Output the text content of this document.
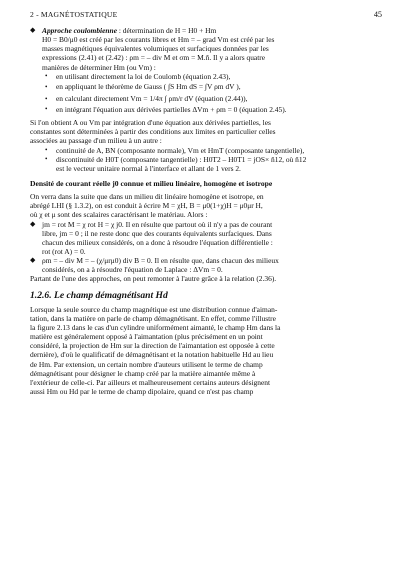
2 - MAGNÉTOSTATIQUE	45
◆ Approche coulombienne : détermination de H = H0 + Hm
H0 = B0/μ0 est créé par les courants libres et Hm = – grad Vm est créé par les
masses magnétiques équivalentes volumiques et surfaciques données par les
expressions (2.41) et (2.42) : ρm = – div M et σm = M.n̂. Il y a alors quatre
manières de déterminer Hm (ou Vm) :
• en utilisant directement la loi de Coulomb (équation 2.43),
• en appliquant le théorème de Gauss ( ∫S Hm dS = ∫V ρm dV ),
• en calculant directement Vm = 1/4π ∫ ρm/r dV (équation (2.44)),
• en intégrant l'équation aux dérivées partielles ΔVm + ρm = 0 (équation 2.45).
Si l'on obtient A ou Vm par intégration d'une équation aux dérivées partielles, les
constantes sont déterminées à partir des conditions aux limites en particulier celles
associées au passage d'un milieu à un autre :
• continuité de A, BN (composante normale), Vm et HmT (composante tangentielle),
• discontinuité de H0T (composante tangentielle) : H0T2 – H0T1 = jOS× n̂12, où n̂12
est le vecteur unitaire normal à l'interface et allant de 1 vers 2.
Densité de courant réelle j0 connue et milieu linéaire, homogène et isotrope
On verra dans la suite que dans un milieu dit linéaire homogène et isotrope, en
abrégé LHI (§ 1.3.2), on est conduit à écrire M = χH, B = μ0(1+χ)H = μ0μr H,
où χ et μ sont des scalaires caractérisant le matériau. Alors :
◆ jm = rot M = χ rot H = χ j0. Il en résulte que partout où il n'y a pas de courant
libre, jm = 0 ; il ne reste donc que des courants équivalents surfaciques. Dans
chacun des milieux considérés, on a donc à résoudre l'équation différentielle :
rot (rot A) = 0.
◆ ρm = – div M = – (χ/μrμ0) div B = 0. Il en résulte que, dans chacun des milieux
considérés, on a à résoudre l'équation de Laplace : ΔVm = 0.
Partant de l'une des approches, on peut remonter à l'autre grâce à la relation (2.36).
1.2.6. Le champ démagnétisant Hd
Lorsque la seule source du champ magnétique est une distribution connue d'aiman-
tation, dans la matière on parle de champ démagnétisant. En effet, comme l'illustre
la figure 2.13 dans le cas d'un cylindre uniformément aimanté, le champ Hm dans la
matière est généralement opposé à l'aimantation (plus précisément en un point
considéré, la projection de Hm sur la direction de l'aimantation est opposée à cette
dernière), d'où le qualificatif de démagnétisant et la notation habituelle Hd au lieu
de Hm. Par extension, un certain nombre d'auteurs utilisent le terme de champ
démagnétisant pour désigner le champ créé par la matière aimantée même à
l'extérieur de celle-ci. Par ailleurs et malheureusement certains auteurs désignent
aussi Hm ou Hd par le terme de champ dipolaire, quand ce n'est pas champ
